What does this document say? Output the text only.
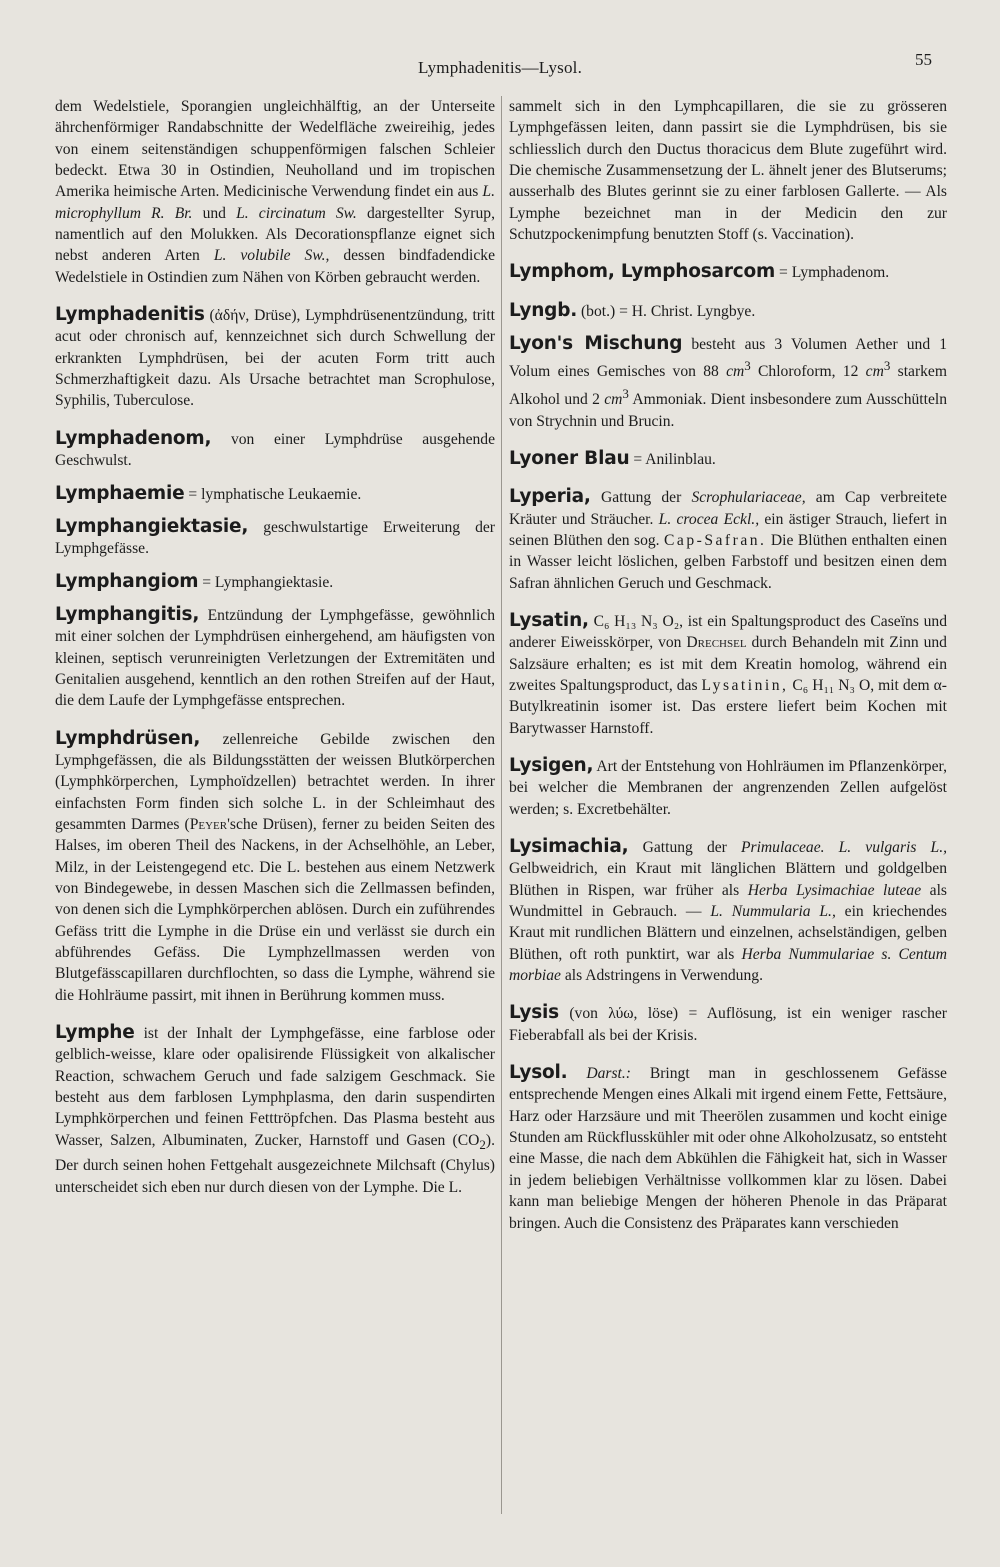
Lymphadenitis—Lysol.	55

dem Wedelstiele, Sporangien ungleichhälftig, an der Unterseite ährchenförmiger Randabschnitte der Wedelfläche zweireihig, jedes von einem seitenständigen schuppenförmigen falschen Schleier bedeckt. Etwa 30 in Ostindien, Neuholland und im tropischen Amerika heimische Arten. Medicinische Verwendung findet ein aus L. microphyllum R. Br. und L. circinatum Sw. dargestellter Syrup, namentlich auf den Molukken. Als Decorationspflanze eignet sich nebst anderen Arten L. volubile Sw., dessen bindfadendicke Wedelstiele in Ostindien zum Nähen von Körben gebraucht werden.

Lymphadenitis (ἀδήν, Drüse), Lymphdrüsenentzündung, tritt acut oder chronisch auf, kennzeichnet sich durch Schwellung der erkrankten Lymphdrüsen, bei der acuten Form tritt auch Schmerzhaftigkeit dazu. Als Ursache betrachtet man Scrophulose, Syphilis, Tuberculose.

Lymphadenom, von einer Lymphdrüse ausgehende Geschwulst.

Lymphaemie = lymphatische Leukaemie.

Lymphangiektasie, geschwulstartige Erweiterung der Lymphgefässe.

Lymphangiom = Lymphangiektasie.

Lymphangitis, Entzündung der Lymphgefässe, gewöhnlich mit einer solchen der Lymphdrüsen einhergehend, am häufigsten von kleinen, septisch verunreinigten Verletzungen der Extremitäten und Genitalien ausgehend, kenntlich an den rothen Streifen auf der Haut, die dem Laufe der Lymphgefässe entsprechen.

Lymphdrüsen, zellenreiche Gebilde zwischen den Lymphgefässen, die als Bildungsstätten der weissen Blutkörperchen (Lymphkörperchen, Lymphoïdzellen) betrachtet werden. In ihrer einfachsten Form finden sich solche L. in der Schleimhaut des gesammten Darmes (Peyer'sche Drüsen), ferner zu beiden Seiten des Halses, im oberen Theil des Nackens, in der Achselhöhle, an Leber, Milz, in der Leistengegend etc. Die L. bestehen aus einem Netzwerk von Bindegewebe, in dessen Maschen sich die Zellmassen befinden, von denen sich die Lymphkörperchen ablösen. Durch ein zuführendes Gefäss tritt die Lymphe in die Drüse ein und verlässt sie durch ein abführendes Gefäss. Die Lymphzellmassen werden von Blutgefässcapillaren durchflochten, so dass die Lymphe, während sie die Hohlräume passirt, mit ihnen in Berührung kommen muss.

Lymphe ist der Inhalt der Lymphgefässe, eine farblose oder gelblich-weisse, klare oder opalisirende Flüssigkeit von alkalischer Reaction, schwachem Geruch und fade salzigem Geschmack. Sie besteht aus dem farblosen Lymphplasma, den darin suspendirten Lymphkörperchen und feinen Fetttröpfchen. Das Plasma besteht aus Wasser, Salzen, Albuminaten, Zucker, Harnstoff und Gasen $(CO_2)$. Der durch seinen hohen Fettgehalt ausgezeichnete Milchsaft (Chylus) unterscheidet sich eben nur durch diesen von der Lymphe. Die L.

sammelt sich in den Lymphcapillaren, die sie zu grösseren Lymphgefässen leiten, dann passirt sie die Lymphdrüsen, bis sie schliesslich durch den Ductus thoracicus dem Blute zugeführt wird. Die chemische Zusammensetzung der L. ähnelt jener des Blutserums; ausserhalb des Blutes gerinnt sie zu einer farblosen Gallerte. — Als Lymphe bezeichnet man in der Medicin den zur Schutzpockenimpfung benutzten Stoff (s. Vaccination).

Lymphom, Lymphosarcom = Lymphadenom.

Lyngb. (bot.) = H. Christ. Lyngbye.

Lyon's Mischung besteht aus 3 Volumen Aether und 1 Volum eines Gemisches von 88 $cm^3$ Chloroform, 12 $cm^3$ starkem Alkohol und 2 $cm^3$ Ammoniak. Dient insbesondere zum Ausschütteln von Strychnin und Brucin.

Lyoner Blau = Anilinblau.

Lyperia, Gattung der Scrophulariaceae, am Cap verbreitete Kräuter und Sträucher. L. crocea Eckl., ein ästiger Strauch, liefert in seinen Blüthen den sog. Cap-Safran. Die Blüthen enthalten einen in Wasser leicht löslichen, gelben Farbstoff und besitzen einen dem Safran ähnlichen Geruch und Geschmack.

Lysatin, C₆ H₁₃ N₃ O₂, ist ein Spaltungsproduct des Caseïns und anderer Eiweisskörper, von Drechsel durch Behandeln mit Zinn und Salzsäure erhalten; es ist mit dem Kreatin homolog, während ein zweites Spaltungsproduct, das Lysatinin, C₆ H₁₁ N₃ O, mit dem α-Butylkreatinin isomer ist. Das erstere liefert beim Kochen mit Barytwasser Harnstoff.

Lysigen, Art der Entstehung von Hohlräumen im Pflanzenkörper, bei welcher die Membranen der angrenzenden Zellen aufgelöst werden; s. Excretbehälter.

Lysimachia, Gattung der Primulaceae. L. vulgaris L., Gelbweidrich, ein Kraut mit länglichen Blättern und goldgelben Blüthen in Rispen, war früher als Herba Lysimachiae luteae als Wundmittel in Gebrauch. — L. Nummularia L., ein kriechendes Kraut mit rundlichen Blättern und einzelnen, achselständigen, gelben Blüthen, oft roth punktirt, war als Herba Nummulariae s. Centum morbiae als Adstringens in Verwendung.

Lysis (von λύω, löse) = Auflösung, ist ein weniger rascher Fieberabfall als bei der Krisis.

Lysol. Darst.: Bringt man in geschlossenem Gefässe entsprechende Mengen eines Alkali mit irgend einem Fette, Fettsäure, Harz oder Harzsäure und mit Theerölen zusammen und kocht einige Stunden am Rückflusskühler mit oder ohne Alkoholzusatz, so entsteht eine Masse, die nach dem Abkühlen die Fähigkeit hat, sich in Wasser in jedem beliebigen Verhältnisse vollkommen klar zu lösen. Dabei kann man beliebige Mengen der höheren Phenole in das Präparat bringen. Auch die Consistenz des Präparates kann verschieden
